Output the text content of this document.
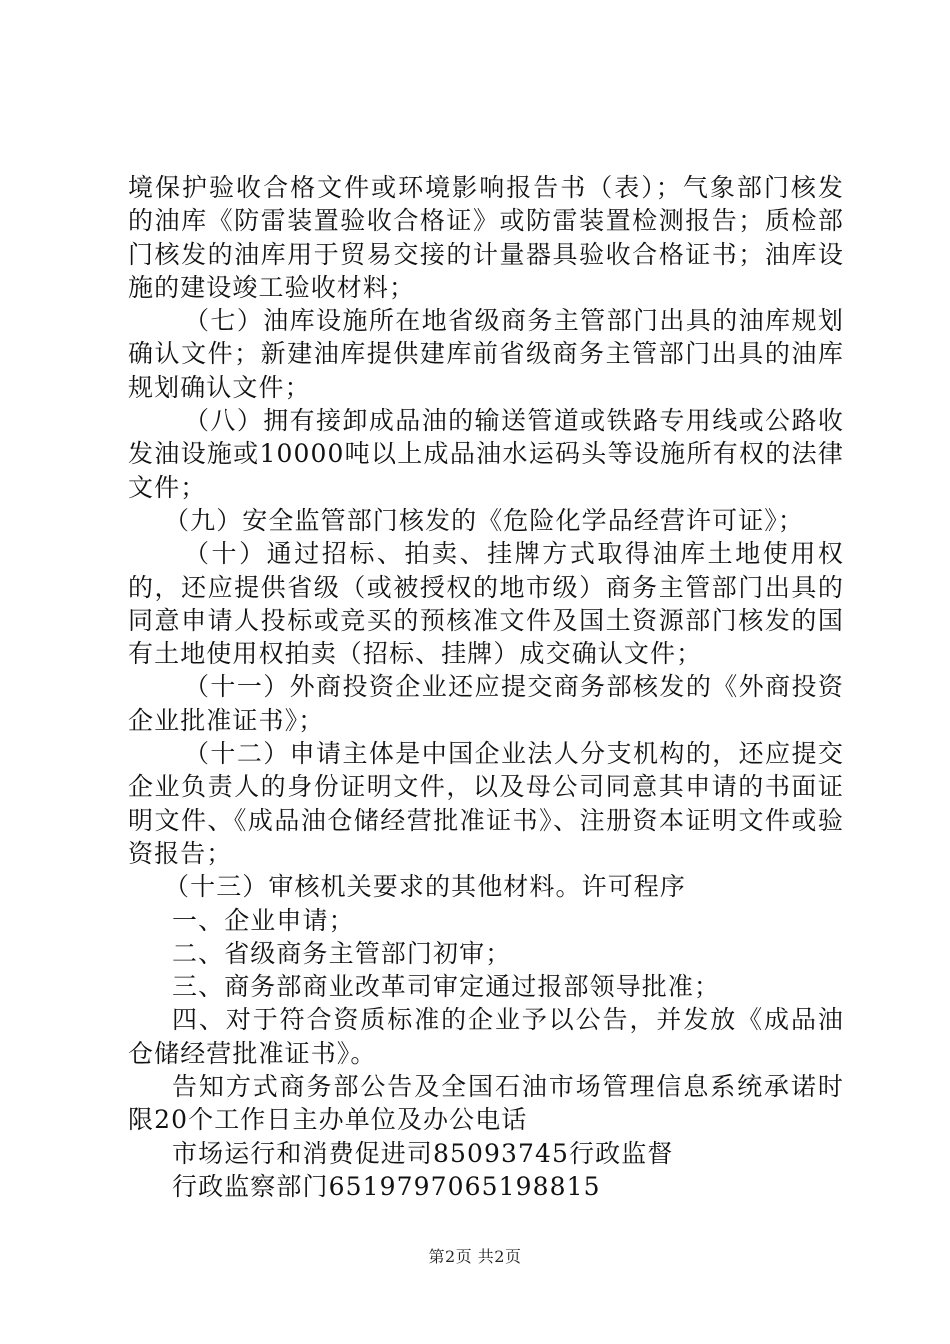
境保护验收合格文件或环境影响报告书（表）；气象部门核发的油库《防雷装置验收合格证》或防雷装置检测报告；质检部门核发的油库用于贸易交接的计量器具验收合格证书；油库设施的建设竣工验收材料；

（七）油库设施所在地省级商务主管部门出具的油库规划确认文件；新建油库提供建库前省级商务主管部门出具的油库规划确认文件；

（八）拥有接卸成品油的输送管道或铁路专用线或公路收发油设施或10000吨以上成品油水运码头等设施所有权的法律文件；

（九）安全监管部门核发的《危险化学品经营许可证》；

（十）通过招标、拍卖、挂牌方式取得油库土地使用权的，还应提供省级（或被授权的地市级）商务主管部门出具的同意申请人投标或竞买的预核准文件及国土资源部门核发的国有土地使用权拍卖（招标、挂牌）成交确认文件；

（十一）外商投资企业还应提交商务部核发的《外商投资企业批准证书》；

（十二）申请主体是中国企业法人分支机构的，还应提交企业负责人的身份证明文件，以及母公司同意其申请的书面证明文件、《成品油仓储经营批准证书》、注册资本证明文件或验资报告；

（十三）审核机关要求的其他材料。许可程序

一、企业申请；

二、省级商务主管部门初审；

三、商务部商业改革司审定通过报部领导批准；

四、对于符合资质标准的企业予以公告，并发放《成品油仓储经营批准证书》。

告知方式商务部公告及全国石油市场管理信息系统承诺时限20个工作日主办单位及办公电话

市场运行和消费促进司85093745行政监督

行政监察部门6519797065198815

第2页 共2页
